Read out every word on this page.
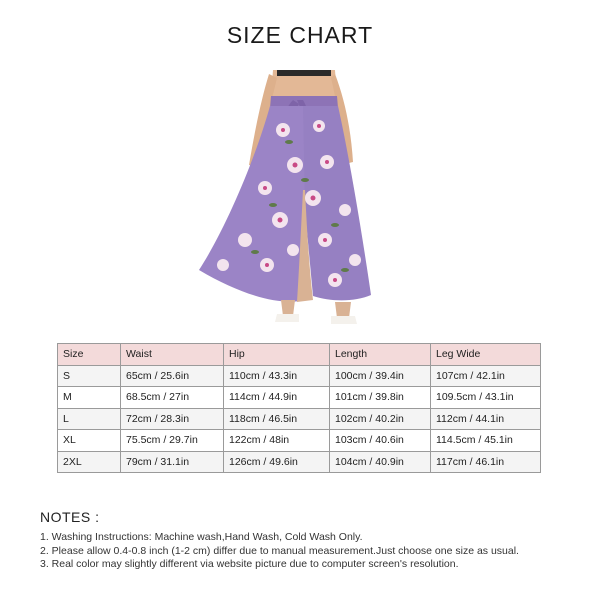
SIZE CHART
Size	Waist	Hip	Length	Leg Wide
S	65cm / 25.6in	110cm / 43.3in	100cm / 39.4in	107cm / 42.1in
M	68.5cm / 27in	114cm / 44.9in	101cm / 39.8in	109.5cm / 43.1in
L	72cm / 28.3in	118cm / 46.5in	102cm / 40.2in	112cm / 44.1in
XL	75.5cm / 29.7in	122cm / 48in	103cm / 40.6in	114.5cm / 45.1in
2XL	79cm / 31.1in	126cm / 49.6in	104cm / 40.9in	117cm / 46.1in
NOTES :
1. Washing Instructions: Machine wash,Hand Wash, Cold Wash Only.
2. Please allow 0.4-0.8 inch (1-2 cm) differ due to manual measurement.Just choose one size as usual.
3. Real color may slightly different via website picture due to computer screen's resolution.
